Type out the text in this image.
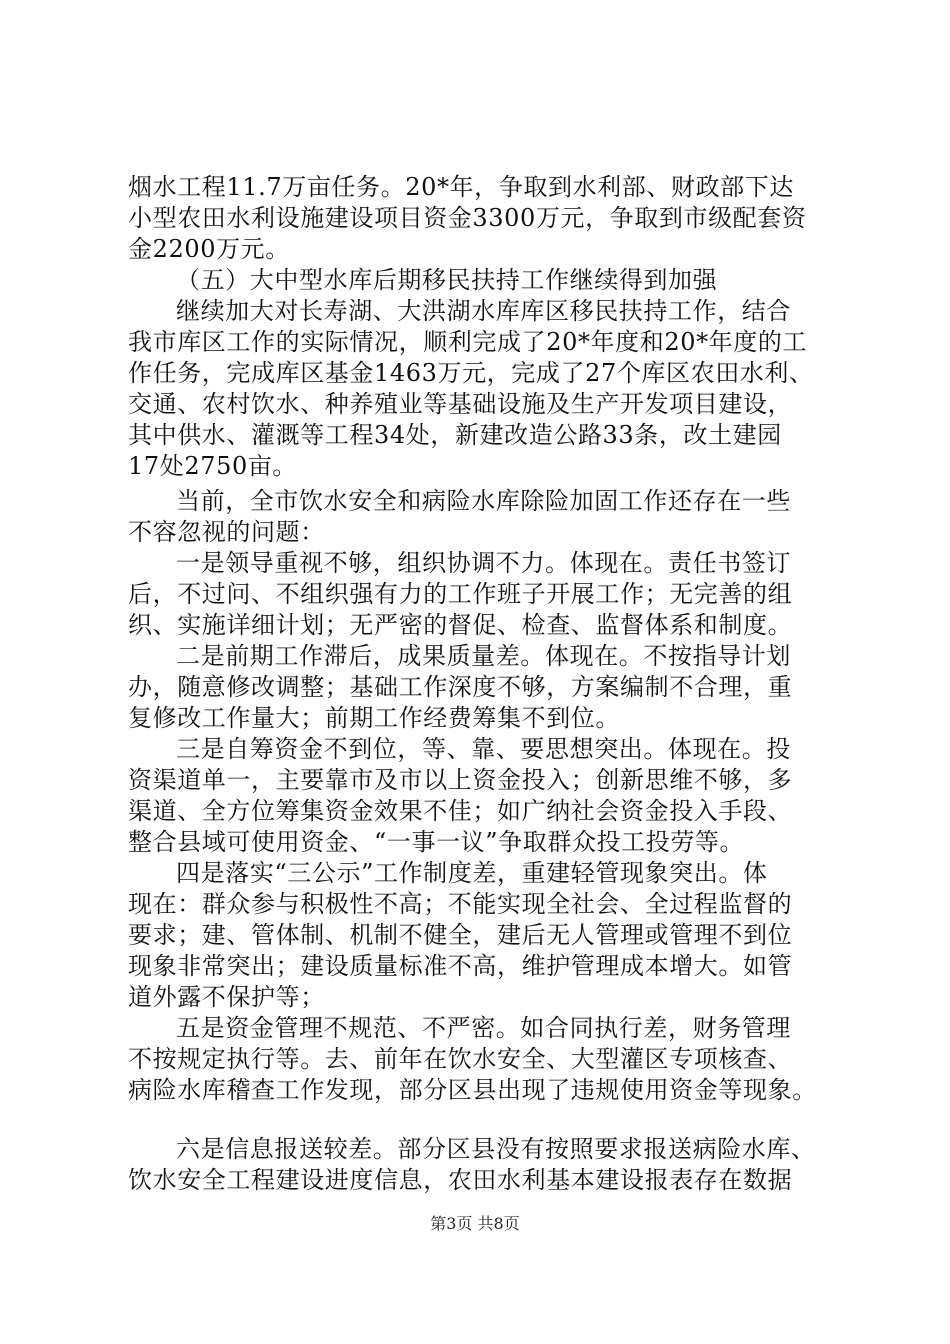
烟水工程11.7万亩任务。20*年，争取到水利部、财政部下达
小型农田水利设施建设项目资金3300万元，争取到市级配套资
金2200万元。
（五）大中型水库后期移民扶持工作继续得到加强
继续加大对长寿湖、大洪湖水库库区移民扶持工作，结合
我市库区工作的实际情况，顺利完成了20*年度和20*年度的工
作任务，完成库区基金1463万元，完成了27个库区农田水利、
交通、农村饮水、种养殖业等基础设施及生产开发项目建设，
其中供水、灌溉等工程34处，新建改造公路33条，改土建园
17处2750亩。
当前，全市饮水安全和病险水库除险加固工作还存在一些
不容忽视的问题：
一是领导重视不够，组织协调不力。体现在。责任书签订
后，不过问、不组织强有力的工作班子开展工作；无完善的组
织、实施详细计划；无严密的督促、检查、监督体系和制度。
二是前期工作滞后，成果质量差。体现在。不按指导计划
办，随意修改调整；基础工作深度不够，方案编制不合理，重
复修改工作量大；前期工作经费筹集不到位。
三是自筹资金不到位，等、靠、要思想突出。体现在。投
资渠道单一，主要靠市及市以上资金投入；创新思维不够，多
渠道、全方位筹集资金效果不佳；如广纳社会资金投入手段、
整合县域可使用资金、“一事一议”争取群众投工投劳等。
四是落实“三公示”工作制度差，重建轻管现象突出。体
现在：群众参与积极性不高；不能实现全社会、全过程监督的
要求；建、管体制、机制不健全，建后无人管理或管理不到位
现象非常突出；建设质量标准不高，维护管理成本增大。如管
道外露不保护等；
五是资金管理不规范、不严密。如合同执行差，财务管理
不按规定执行等。去、前年在饮水安全、大型灌区专项核查、
病险水库稽查工作发现，部分区县出现了违规使用资金等现象。
六是信息报送较差。部分区县没有按照要求报送病险水库、
饮水安全工程建设进度信息，农田水利基本建设报表存在数据
第3页 共8页
